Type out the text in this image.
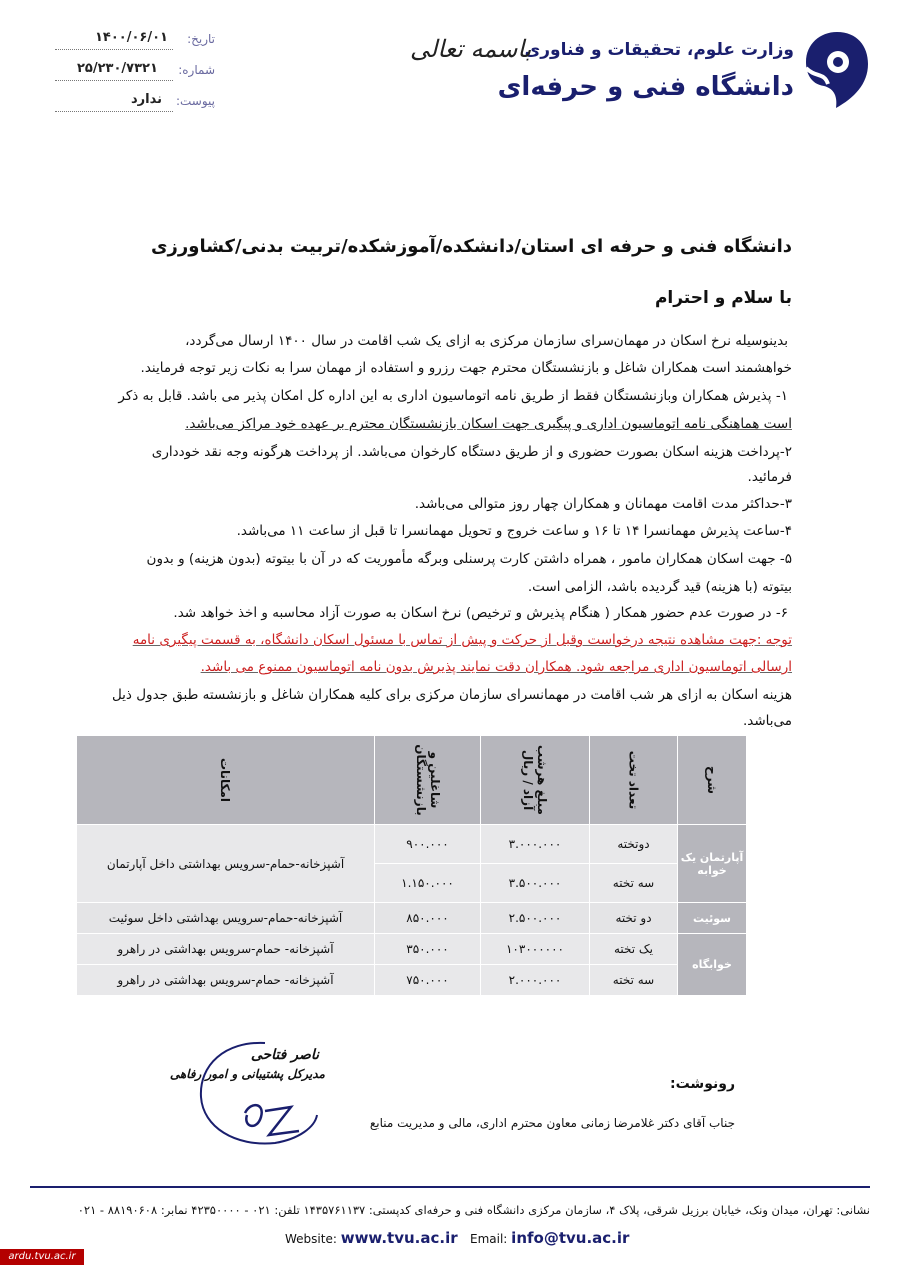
وزارت علوم، تحقیقات و فناوری
دانشگاه فنی و حرفه‌ای
باسمه تعالی
تاریخ:
۱۴۰۰/۰۶/۰۱
شماره:
۲۵/۲۳۰/۷۳۲۱
پیوست:
ندارد
دانشگاه فنی و حرفه ای استان/دانشکده/آموزشکده/تربیت بدنی/کشاورزی
با سلام و احترام
بدینوسیله نرخ اسکان در مهمان‌سرای سازمان مرکزی به ازای یک شب اقامت در سال ۱۴۰۰ ارسال می‌گردد،
خواهشمند است همکاران شاغل و بازنشستگان محترم جهت رزرو و استفاده از مهمان سرا به نکات زیر توجه فرمایند.
۱- پذیرش همکاران وبازنشستگان فقط از طریق نامه اتوماسیون اداری به این اداره کل امکان پذیر می باشد. قابل به ذکر
است هماهنگی نامه اتوماسیون اداری و پیگیری جهت اسکان بازنشستگان محترم بر عهده خود مراکز می‌باشد.
۲-پرداخت هزینه اسکان بصورت حضوری و از طریق دستگاه کارخوان می‌باشد. از پرداخت هرگونه وجه نقد خودداری
فرمائید.
۳-حداکثر مدت اقامت مهمانان و همکاران چهار روز متوالی می‌باشد.
۴-ساعت پذیرش مهمانسرا ۱۴ تا ۱۶ و ساعت خروج و تحویل مهمانسرا تا قبل از ساعت ۱۱ می‌باشد.
۵- جهت اسکان همکاران مامور ، همراه داشتن کارت پرسنلی وبرگه مأموریت که در آن با بیتوته (بدون هزینه) و بدون
بیتوته (با هزینه) قید گردیده باشد، الزامی است.
۶- در صورت عدم حضور همکار ( هنگام پذیرش و ترخیص) نرخ اسکان به صورت آزاد محاسبه و اخذ خواهد شد.
توجه :جهت مشاهده نتیجه درخواست وقبل از حرکت و پیش از تماس با مسئول اسکان دانشگاه، به قسمت پیگیری نامه
ارسالی اتوماسیون اداری مراجعه شود. همکاران دقت نمایند پذیرش بدون نامه اتوماسیون ممنوع می باشد.
هزینه اسکان به ازای هر شب اقامت در مهمانسرای سازمان مرکزی برای کلیه همکاران شاغل و بازنشسته طبق جدول ذیل
می‌باشد.
شرح	تعداد تخت	مبلغ هرشب آزاد / ریال	شاغلین و بازنشستگان	امکانات
آپارتمان یک خوابه	دوتخته	۳.۰۰۰.۰۰۰	۹۰۰.۰۰۰	آشپزخانه-حمام-سرویس بهداشتی داخل آپارتمان
	سه تخته	۳.۵۰۰.۰۰۰	۱.۱۵۰.۰۰۰	
سوئیت	دو تخته	۲.۵۰۰.۰۰۰	۸۵۰.۰۰۰	آشپزخانه-حمام-سرویس بهداشتی داخل سوئیت
خوابگاه	یک تخته	۱۰۳۰۰۰۰۰۰	۳۵۰.۰۰۰	آشپزخانه- حمام-سرویس بهداشتی در راهرو
	سه تخته	۲.۰۰۰.۰۰۰	۷۵۰.۰۰۰	آشپزخانه- حمام-سرویس بهداشتی در راهرو
ناصر فتاحی
مدیرکل پشتیبانی و امور رفاهی
رونوشت:
جناب آقای دکتر غلامرضا زمانی معاون محترم اداری، مالی و مدیریت منابع
نشانی: تهران، میدان ونک، خیابان برزیل شرقی، پلاک ۴، سازمان مرکزی دانشگاه فنی و حرفه‌ای کدپستی: ۱۴۳۵۷۶۱۱۳۷ تلفن: ۰۲۱ - ۴۲۳۵۰۰۰۰ نمابر: ۸۸۱۹۰۶۰۸ - ۰۲۱
Website: www.tvu.ac.ir Email: info@tvu.ac.ir
ardu.tvu.ac.ir
